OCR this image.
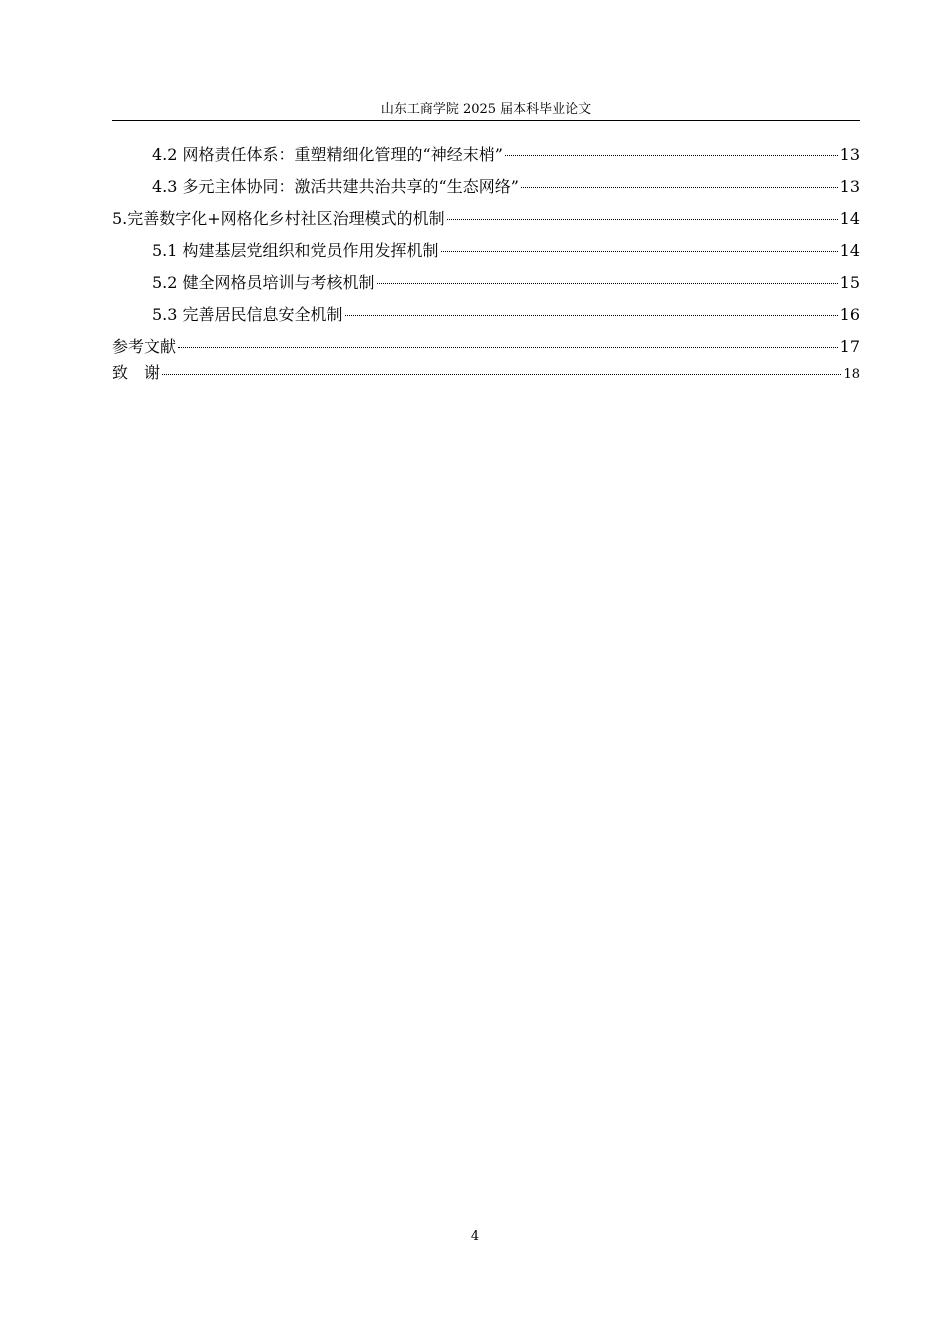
山东工商学院 2025 届本科毕业论文
4.2 网格责任体系：重塑精细化管理的“神经末梢”	13
4.3 多元主体协同：激活共建共治共享的“生态网络”	13
5.完善数字化+网格化乡村社区治理模式的机制	14
5.1 构建基层党组织和党员作用发挥机制	14
5.2 健全网格员培训与考核机制	15
5.3 完善居民信息安全机制	16
参考文献	17
致　谢	18
4
